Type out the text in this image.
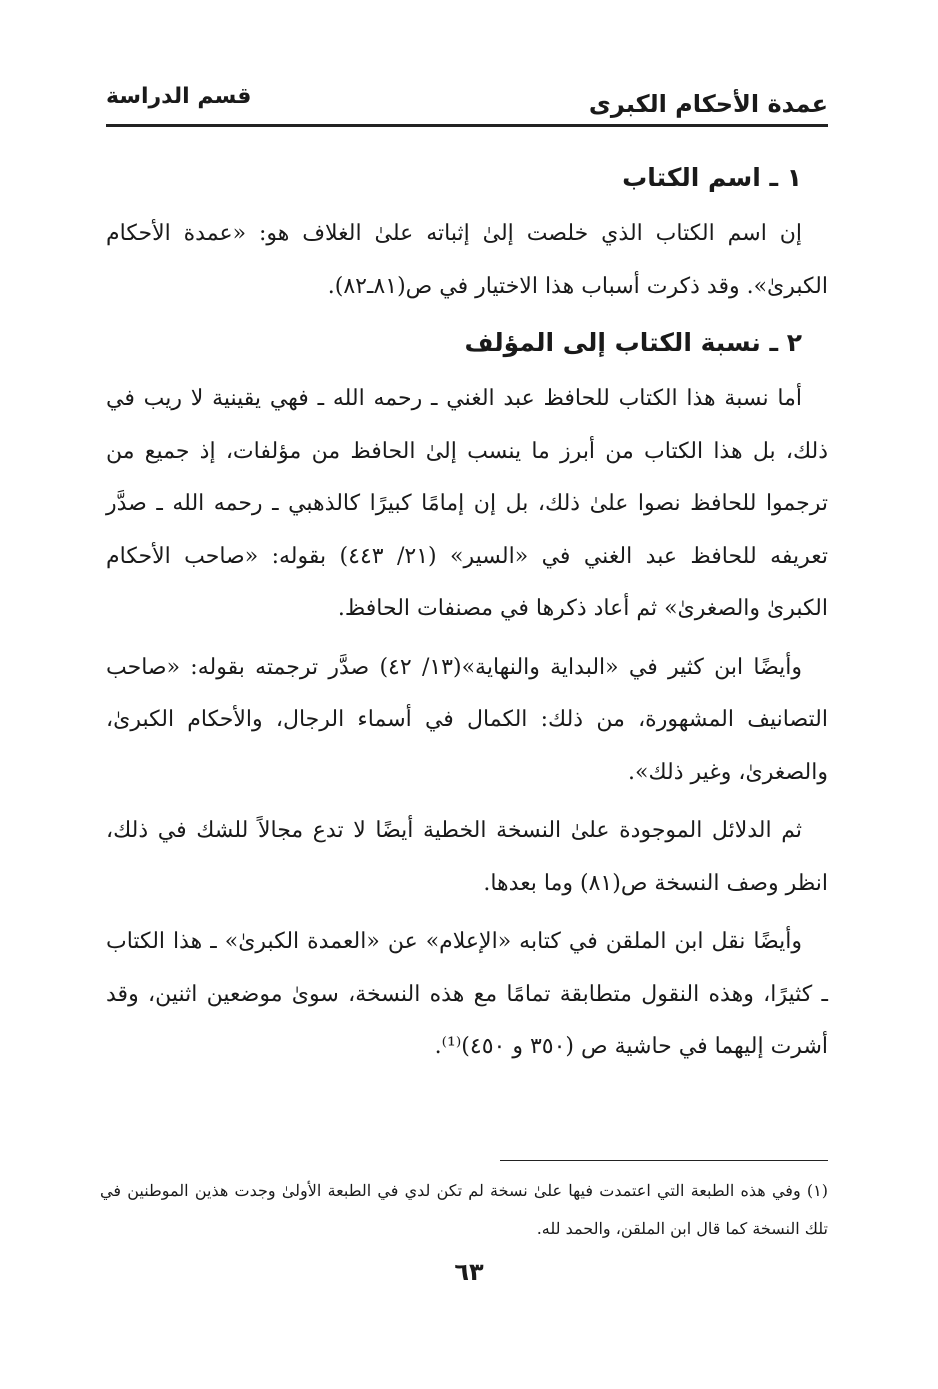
عمدة الأحكام الكبرى
قسم الدراسة
١ ـ اسم الكتاب

إن اسم الكتاب الذي خلصت إلىٰ إثباته علىٰ الغلاف هو: «عمدة الأحكام الكبرىٰ». وقد ذكرت أسباب هذا الاختيار في ص(٨١ـ٨٢).

٢ ـ نسبة الكتاب إلى المؤلف

أما نسبة هذا الكتاب للحافظ عبد الغني ـ رحمه الله ـ فهي يقينية لا ريب في ذلك، بل هذا الكتاب من أبرز ما ينسب إلىٰ الحافظ من مؤلفات، إذ جميع من ترجموا للحافظ نصوا علىٰ ذلك، بل إن إمامًا كبيرًا كالذهبي ـ رحمه الله ـ صدَّر تعريفه للحافظ عبد الغني في «السير» (٢١/ ٤٤٣) بقوله: «صاحب الأحكام الكبرىٰ والصغرىٰ» ثم أعاد ذكرها في مصنفات الحافظ.

وأيضًا ابن كثير في «البداية والنهاية»(١٣/ ٤٢) صدَّر ترجمته بقوله: «صاحب التصانيف المشهورة، من ذلك: الكمال في أسماء الرجال، والأحكام الكبرىٰ، والصغرىٰ، وغير ذلك».

ثم الدلائل الموجودة علىٰ النسخة الخطية أيضًا لا تدع مجالاً للشك في ذلك، انظر وصف النسخة ص(٨١) وما بعدها.

وأيضًا نقل ابن الملقن في كتابه «الإعلام» عن «العمدة الكبرىٰ» ـ هذا الكتاب ـ كثيرًا، وهذه النقول متطابقة تمامًا مع هذه النسخة، سوىٰ موضعين اثنين، وقد أشرت إليهما في حاشية ص (٣٥٠ و ٤٥٠)⁽¹⁾.

(١) وفي هذه الطبعة التي اعتمدت فيها علىٰ نسخة لم تكن لدي في الطبعة الأولىٰ وجدت هذين الموطنين في تلك النسخة كما قال ابن الملقن، والحمد لله.

٦٣
